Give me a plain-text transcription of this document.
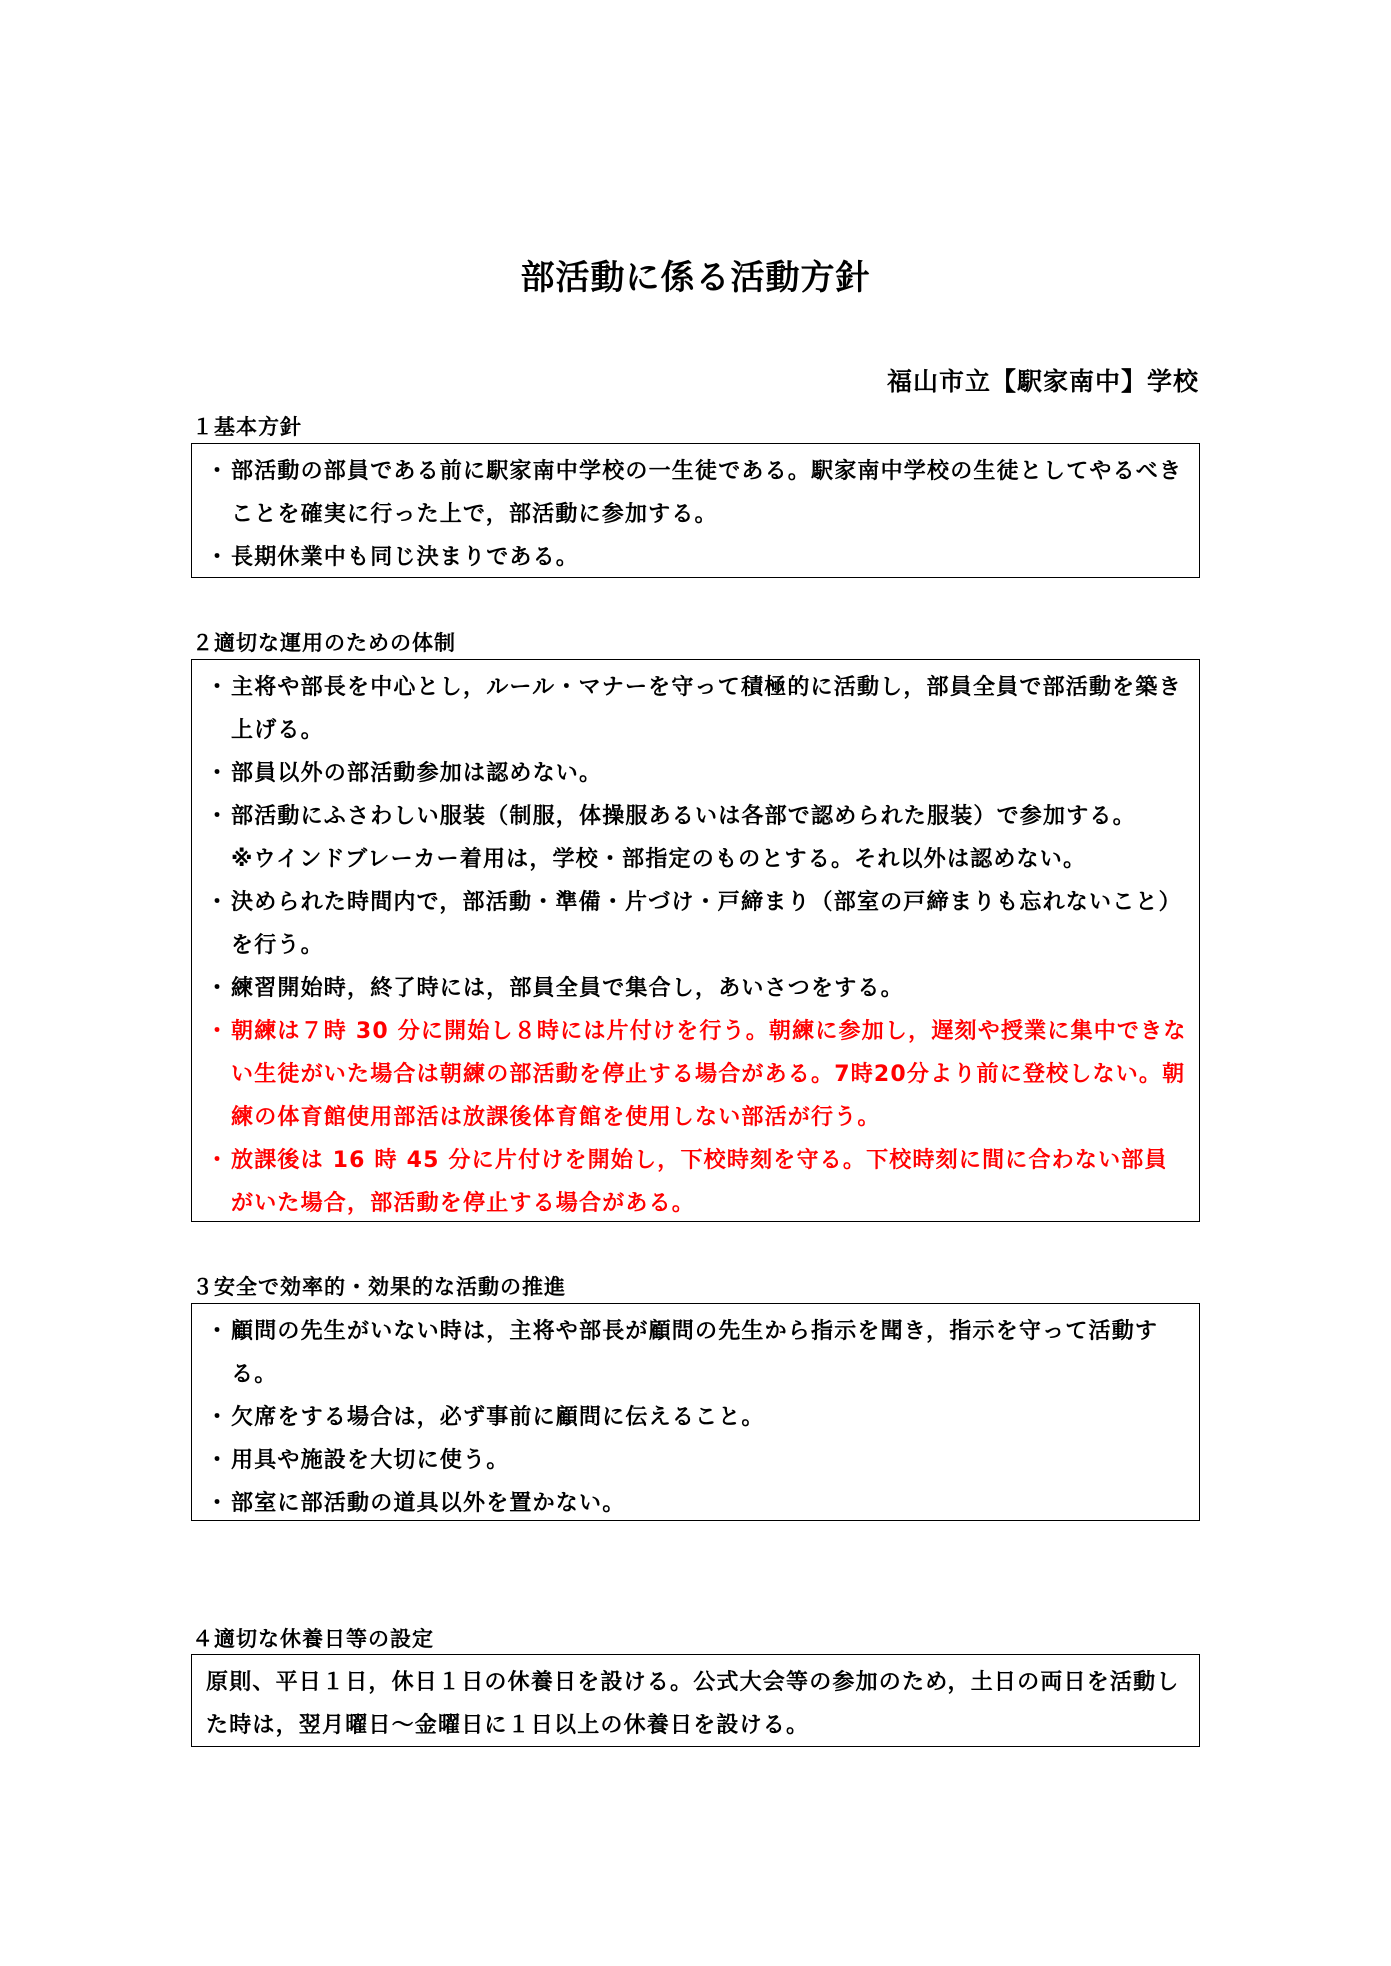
部活動に係る活動方針
福山市立【駅家南中】学校
１基本方針
・ 部活動の部員である前に駅家南中学校の一生徒である。駅家南中学校の生徒としてやるべきことを確実に行った上で，部活動に参加する。
・ 長期休業中も同じ決まりである。
２適切な運用のための体制
・ 主将や部長を中心とし，ルール・マナーを守って積極的に活動し，部員全員で部活動を築き上げる。
・ 部員以外の部活動参加は認めない。
・ 部活動にふさわしい服装（制服，体操服あるいは各部で認められた服装）で参加する。
※ウインドブレーカー着用は，学校・部指定のものとする。それ以外は認めない。
・ 決められた時間内で，部活動・準備・片づけ・戸締まり（部室の戸締まりも忘れないこと）を行う。
・ 練習開始時，終了時には，部員全員で集合し，あいさつをする。
・ 朝練は７時 30 分に開始し８時には片付けを行う。朝練に参加し，遅刻や授業に集中できない生徒がいた場合は朝練の部活動を停止する場合がある。7時20分より前に登校しない。朝練の体育館使用部活は放課後体育館を使用しない部活が行う。
・ 放課後は 16 時 45 分に片付けを開始し，下校時刻を守る。下校時刻に間に合わない部員がいた場合，部活動を停止する場合がある。
３安全で効率的・効果的な活動の推進
・ 顧問の先生がいない時は，主将や部長が顧問の先生から指示を聞き，指示を守って活動する。
・ 欠席をする場合は，必ず事前に顧問に伝えること。
・ 用具や施設を大切に使う。
・ 部室に部活動の道具以外を置かない。
４適切な休養日等の設定
原則、平日１日，休日１日の休養日を設ける。公式大会等の参加のため，土日の両日を活動した時は，翌月曜日～金曜日に１日以上の休養日を設ける。
